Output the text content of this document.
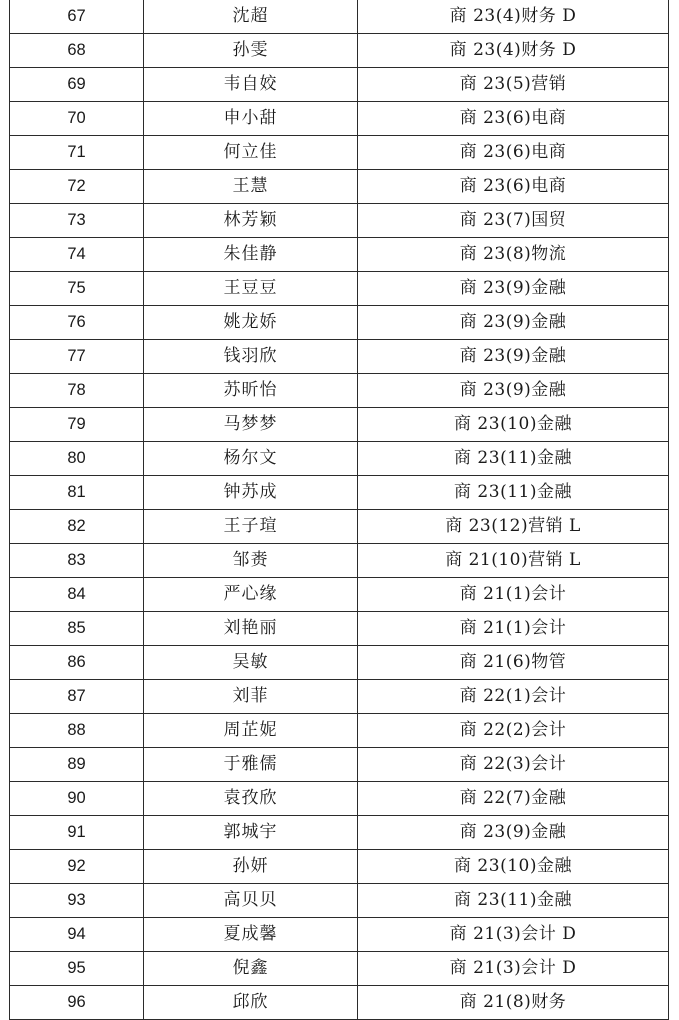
67	沈超	商 23(4)财务 D
68	孙雯	商 23(4)财务 D
69	韦自姣	商 23(5)营销
70	申小甜	商 23(6)电商
71	何立佳	商 23(6)电商
72	王慧	商 23(6)电商
73	林芳颖	商 23(7)国贸
74	朱佳静	商 23(8)物流
75	王豆豆	商 23(9)金融
76	姚龙娇	商 23(9)金融
77	钱羽欣	商 23(9)金融
78	苏昕怡	商 23(9)金融
79	马梦梦	商 23(10)金融
80	杨尔文	商 23(11)金融
81	钟苏成	商 23(11)金融
82	王子瑄	商 23(12)营销 L
83	邹赉	商 21(10)营销 L
84	严心缘	商 21(1)会计
85	刘艳丽	商 21(1)会计
86	吴敏	商 21(6)物管
87	刘菲	商 22(1)会计
88	周芷妮	商 22(2)会计
89	于雅儒	商 22(3)会计
90	袁孜欣	商 22(7)金融
91	郭城宇	商 23(9)金融
92	孙妍	商 23(10)金融
93	高贝贝	商 23(11)金融
94	夏成馨	商 21(3)会计 D
95	倪鑫	商 21(3)会计 D
96	邱欣	商 21(8)财务
